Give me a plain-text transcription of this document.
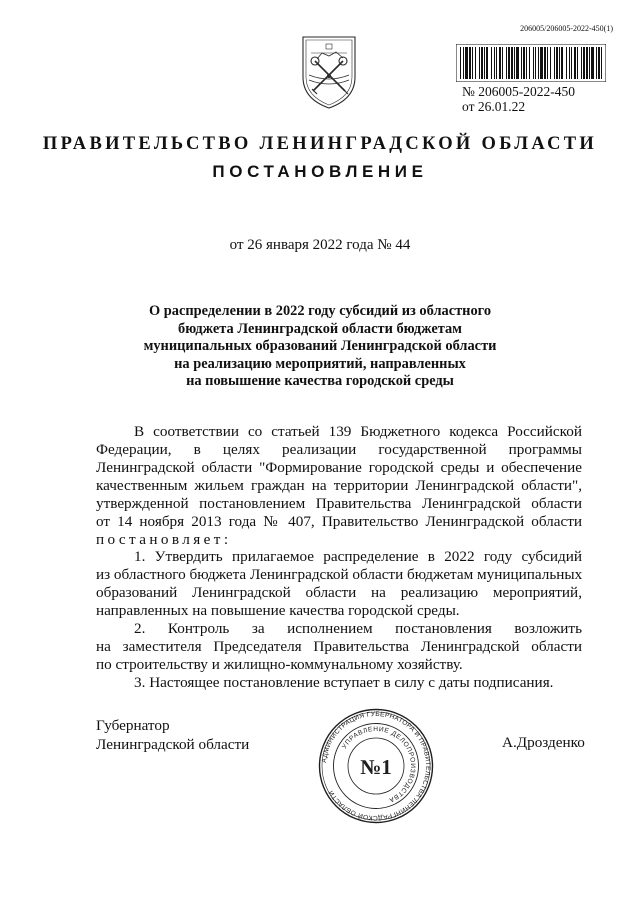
206005/206005-2022-450(1)
№ 206005-2022-450
от 26.01.22
ПРАВИТЕЛЬСТВО ЛЕНИНГРАДСКОЙ ОБЛАСТИ
ПОСТАНОВЛЕНИЕ
от 26 января 2022 года № 44
О распределении в 2022 году субсидий из областного
бюджета Ленинградской области бюджетам
муниципальных образований Ленинградской области
на реализацию мероприятий, направленных
на повышение качества городской среды
В соответствии со статьей 139 Бюджетного кодекса Российской
Федерации, в целях реализации государственной программы
Ленинградской области "Формирование городской среды и обеспечение
качественным жильем граждан на территории Ленинградской области",
утвержденной постановлением Правительства Ленинградской области
от 14 ноября 2013 года № 407, Правительство Ленинградской области
постановляет:
1. Утвердить прилагаемое распределение в 2022 году субсидий
из областного бюджета Ленинградской области бюджетам муниципальных
образований Ленинградской области на реализацию мероприятий,
направленных на повышение качества городской среды.
2. Контроль за исполнением постановления возложить
на заместителя Председателя Правительства Ленинградской области
по строительству и жилищно-коммунальному хозяйству.
3. Настоящее постановление вступает в силу с даты подписания.
Губернатор
Ленинградской области	А.Дрозденко
АДМИНИСТРАЦИЯ ГУБЕРНАТОРА И ПРАВИТЕЛЬСТВА ЛЕНИНГРАДСКОЙ ОБЛАСТИ
УПРАВЛЕНИЕ ДЕЛОПРОИЗВОДСТВА
№1
